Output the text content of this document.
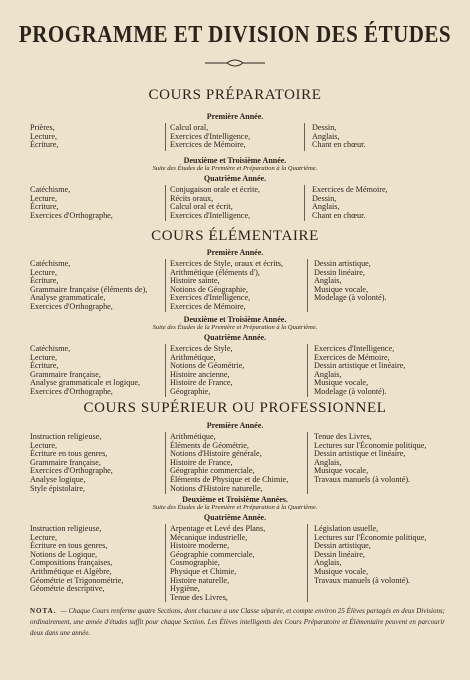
PROGRAMME ET DIVISION DES ÉTUDES
COURS PRÉPARATOIRE
Première Année.
Prières,
Lecture,
Écriture,
Calcul oral,
Exercices d'Intelligence,
Exercices de Mémoire,
Dessin,
Anglais,
Chant en chœur.
Deuxième et Troisième Année.
Suite des Études de la Première et Préparation à la Quatrième.
Quatrième Année.
Catéchisme,
Lecture,
Écriture,
Exercices d'Orthographe,
Conjugaison orale et écrite,
Récits oraux,
Calcul oral et écrit,
Exercices d'Intelligence,
Exercices de Mémoire,
Dessin,
Anglais,
Chant en chœur.
COURS ÉLÉMENTAIRE
Première Année.
Catéchisme,
Lecture,
Écriture,
Grammaire française (éléments de),
Analyse grammaticale,
Exercices d'Orthographe,
Exercices de Style, oraux et écrits,
Arithmétique (éléments d'),
Histoire sainte,
Notions de Géographie,
Exercices d'Intelligence,
Exercices de Mémoire,
Dessin artistique,
Dessin linéaire,
Anglais,
Musique vocale,
Modelage (à volonté).
Deuxième et Troisième Année.
Suite des Études de la Première et Préparation à la Quatrième.
Quatrième Année.
Catéchisme,
Lecture,
Écriture,
Grammaire française,
Analyse grammaticale et logique,
Exercices d'Orthographe,
Exercices de Style,
Arithmétique,
Notions de Géométrie,
Histoire ancienne,
Histoire de France,
Géographie,
Exercices d'Intelligence,
Exercices de Mémoire,
Dessin artistique et linéaire,
Anglais,
Musique vocale,
Modelage (à volonté).
COURS SUPÉRIEUR OU PROFESSIONNEL
Première Année.
Instruction religieuse,
Lecture,
Écriture en tous genres,
Grammaire française,
Exercices d'Orthographe,
Analyse logique,
Style épistolaire,
Arithmétique,
Éléments de Géométrie,
Notions d'Histoire générale,
Histoire de France,
Géographie commerciale,
Éléments de Physique et de Chimie,
Notions d'Histoire naturelle,
Tenue des Livres,
Lectures sur l'Économie politique,
Dessin artistique et linéaire,
Anglais,
Musique vocale,
Travaux manuels (à volonté).
Deuxième et Troisième Années.
Suite des Études de la Première et Préparation à la Quatrième.
Quatrième Année.
Instruction religieuse,
Lecture,
Écriture en tous genres,
Notions de Logique,
Compositions françaises,
Arithmétique et Algèbre,
Géométrie et Trigonométrie,
Géométrie descriptive,
Arpentage et Levé des Plans,
Mécanique industrielle,
Histoire moderne,
Géographie commerciale,
Cosmographie,
Physique et Chimie,
Histoire naturelle,
Hygiène,
Tenue des Livres,
Législation usuelle,
Lectures sur l'Économie politique,
Dessin artistique,
Dessin linéaire,
Anglais,
Musique vocale,
Travaux manuels (à volonté).
NOTA. — Chaque Cours renferme quatre Sections, dont chacune a une Classe séparée, et compte environ 25 Élèves partagés en deux Divisions; ordinairement, une année d'études suffit pour chaque Section. Les Élèves intelligents des Cours Préparatoire et Élémentaire peuvent en parcourir deux dans une année.
